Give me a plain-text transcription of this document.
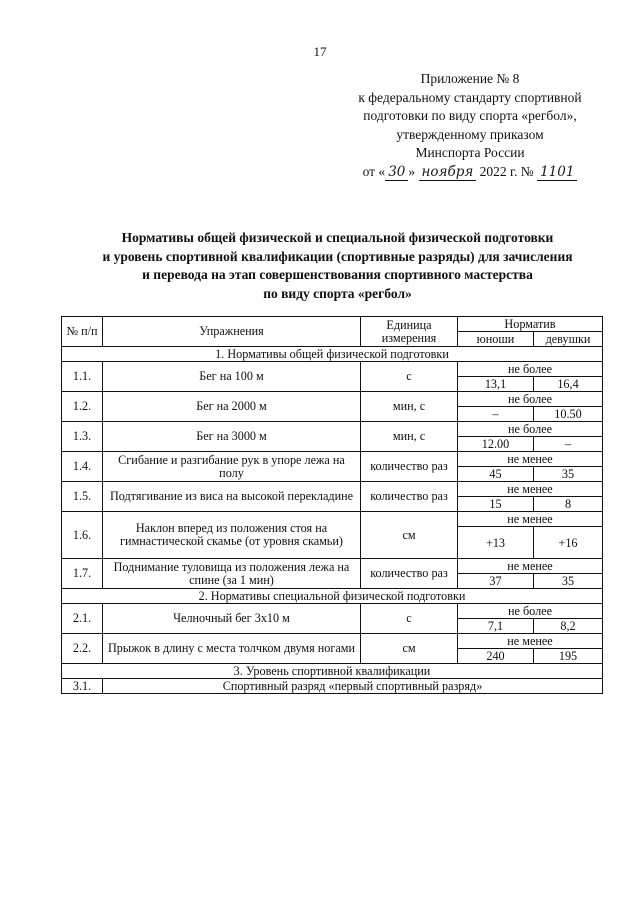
17
Приложение № 8
к федеральному стандарту спортивной
подготовки по виду спорта «регбол»,
утвержденному приказом
Минспорта России
от « 30 » ноября 2022 г. № 1101
Нормативы общей физической и специальной физической подготовки
и уровень спортивной квалификации (спортивные разряды) для зачисления
и перевода на этап совершенствования спортивного мастерства
по виду спорта «регбол»
№ п/п	Упражнения	Единица измерения	Норматив	
			юноши	девушки
1. Нормативы общей физической подготовки				
1.1.	Бег на 100 м	с	не более	
			13,1	16,4
1.2.	Бег на 2000 м	мин, с	не более	
			–	10.50
1.3.	Бег на 3000 м	мин, с	не более	
			12.00	–
1.4.	Сгибание и разгибание рук в упоре лежа на полу	количество раз	не менее	
			45	35
1.5.	Подтягивание из виса на высокой перекладине	количество раз	не менее	
			15	8
1.6.	Наклон вперед из положения стоя на гимнастической скамье (от уровня скамьи)	см	не менее	
			+13	+16
1.7.	Поднимание туловища из положения лежа на спине (за 1 мин)	количество раз	не менее	
			37	35
2. Нормативы специальной физической подготовки				
2.1.	Челночный бег 3х10 м	с	не более	
			7,1	8,2
2.2.	Прыжок в длину с места толчком двумя ногами	см	не менее	
			240	195
3. Уровень спортивной квалификации				
3.1.	Спортивный разряд «первый спортивный разряд»			
